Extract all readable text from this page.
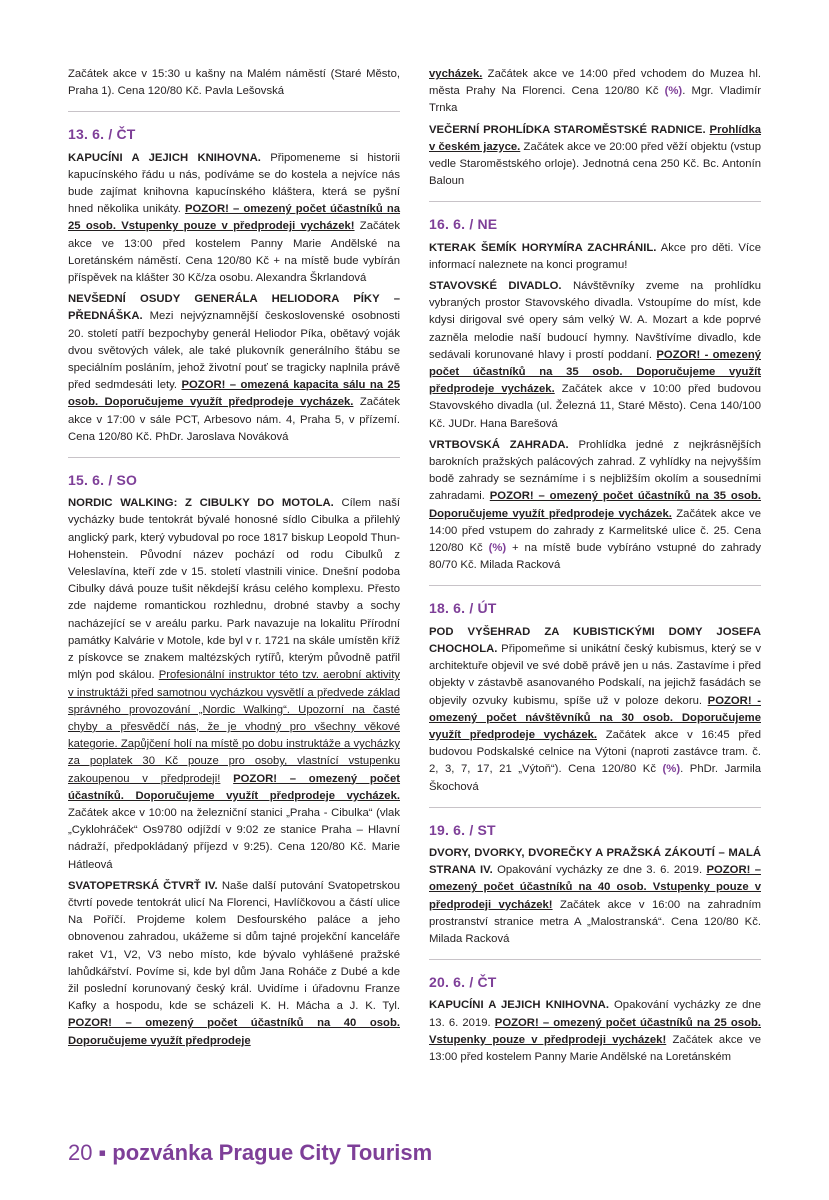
Začátek akce v 15:30 u kašny na Malém náměstí (Staré Město, Praha 1). Cena 120/80 Kč. Pavla Lešovská

13. 6. / ČT

KAPUCÍNI A JEJICH KNIHOVNA. Připomeneme si historii kapucínského řádu u nás, podíváme se do kostela a nejvíce nás bude zajímat knihovna kapucínského kláštera, která se pyšní hned několika unikáty. POZOR! – omezený počet účastníků na 25 osob. Vstupenky pouze v předprodeji vycházek! Začátek akce ve 13:00 před kostelem Panny Marie Andělské na Loretánském náměstí. Cena 120/80 Kč + na místě bude vybírán příspěvek na klášter 30 Kč/za osobu. Alexandra Škrlandová

NEVŠEDNÍ OSUDY GENERÁLA HELIODORA PÍKY – PŘEDNÁŠKA. Mezi nejvýznamnější československé osobnosti 20. století patří bezpochyby generál Heliodor Píka, obětavý voják dvou světových válek, ale také plukovník generálního štábu se speciálním posláním, jehož životní pouť se tragicky naplnila právě před sedmdesáti lety. POZOR! – omezená kapacita sálu na 25 osob. Doporučujeme využít předprodeje vycházek. Začátek akce v 17:00 v sále PCT, Arbesovo nám. 4, Praha 5, v přízemí. Cena 120/80 Kč. PhDr. Jaroslava Nováková

15. 6. / SO

NORDIC WALKING: Z CIBULKY DO MOTOLA. Cílem naší vycházky bude tentokrát bývalé honosné sídlo Cibulka a přilehlý anglický park, který vybudoval po roce 1817 biskup Leopold Thun-Hohenstein. Původní název pochází od rodu Cibulků z Veleslavína, kteří zde v 15. století vlastnili vinice. Dnešní podoba Cibulky dává pouze tušit někdejší krásu celého komplexu. Přesto zde najdeme romantickou rozhlednu, drobné stavby a sochy nacházející se v areálu parku. Park navazuje na lokalitu Přírodní památky Kalvárie v Motole, kde byl v r. 1721 na skále umístěn kříž z pískovce se znakem maltézských rytířů, kterým původně patřil mlýn pod skálou. Profesionální instruktor této tzv. aerobní aktivity v instruktáži před samotnou vycházkou vysvětlí a předvede základ správného provozování „Nordic Walking“. Upozorní na časté chyby a přesvědčí nás, že je vhodný pro všechny věkové kategorie. Zapůjčení holí na místě po dobu instruktáže a vycházky za poplatek 30 Kč pouze pro osoby, vlastnící vstupenku zakoupenou v předprodeji! POZOR! – omezený počet účastníků. Doporučujeme využít předprodeje vycházek. Začátek akce v 10:00 na železniční stanici „Praha - Cibulka“ (vlak „Cyklohráček“ Os9780 odjíždí v 9:02 ze stanice Praha – Hlavní nádraží, předpokládaný příjezd v 9:25). Cena 120/80 Kč. Marie Hátleová

SVATOPETRSKÁ ČTVRŤ IV. Naše další putování Svatopetrskou čtvrtí povede tentokrát ulicí Na Florenci, Havlíčkovou a částí ulice Na Poříčí. Projdeme kolem Desfourského paláce a jeho obnovenou zahradou, ukážeme si dům tajné projekční kanceláře raket V1, V2, V3 nebo místo, kde bývalo vyhlášené pražské lahůdkářství. Povíme si, kde byl dům Jana Roháče z Dubé a kde žil poslední korunovaný český král. Uvidíme i úřadovnu Franze Kafky a hospodu, kde se scházeli K. H. Mácha a J. K. Tyl. POZOR! – omezený počet účastníků na 40 osob. Doporučujeme využít předprodeje

vycházek. Začátek akce ve 14:00 před vchodem do Muzea hl. města Prahy Na Florenci. Cena 120/80 Kč (%). Mgr. Vladimír Trnka

VEČERNÍ PROHLÍDKA STAROMĚSTSKÉ RADNICE. Prohlídka v českém jazyce. Začátek akce ve 20:00 před věží objektu (vstup vedle Staroměstského orloje). Jednotná cena 250 Kč. Bc. Antonín Baloun

16. 6. / NE

KTERAK ŠEMÍK HORYMÍRA ZACHRÁNIL. Akce pro děti. Více informací naleznete na konci programu!

STAVOVSKÉ DIVADLO. Návštěvníky zveme na prohlídku vybraných prostor Stavovského divadla. Vstoupíme do míst, kde kdysi dirigoval své opery sám velký W. A. Mozart a kde poprvé zazněla melodie naší budoucí hymny. Navštívíme divadlo, kde sedávali korunované hlavy i prostí poddaní. POZOR! - omezený počet účastníků na 35 osob. Doporučujeme využít předprodeje vycházek. Začátek akce v 10:00 před budovou Stavovského divadla (ul. Železná 11, Staré Město). Cena 140/100 Kč. JUDr. Hana Barešová

VRTBOVSKÁ ZAHRADA. Prohlídka jedné z nejkrásnějších barokních pražských palácových zahrad. Z vyhlídky na nejvyšším bodě zahrady se seznámíme i s nejbližším okolím a sousedními zahradami. POZOR! – omezený počet účastníků na 35 osob. Doporučujeme využít předprodeje vycházek. Začátek akce ve 14:00 před vstupem do zahrady z Karmelitské ulice č. 25. Cena 120/80 Kč (%) + na místě bude vybíráno vstupné do zahrady 80/70 Kč. Milada Racková

18. 6. / ÚT

POD VYŠEHRAD ZA KUBISTICKÝMI DOMY JOSEFA CHOCHOLA. Připomeňme si unikátní český kubismus, který se v architektuře objevil ve své době právě jen u nás. Zastavíme i před objekty v zástavbě asanovaného Podskalí, na jejichž fasádách se objevily ozvuky kubismu, spíše už v poloze dekoru. POZOR! - omezený počet návštěvníků na 30 osob. Doporučujeme využít předprodeje vycházek. Začátek akce v 16:45 před budovou Podskalské celnice na Výtoni (naproti zastávce tram. č. 2, 3, 7, 17, 21 „Výtoň“). Cena 120/80 Kč (%). PhDr. Jarmila Škochová

19. 6. / ST

DVORY, DVORKY, DVOREČKY A PRAŽSKÁ ZÁKOUTÍ – MALÁ STRANA IV. Opakování vycházky ze dne 3. 6. 2019. POZOR! – omezený počet účastníků na 40 osob. Vstupenky pouze v předprodeji vycházek! Začátek akce v 16:00 na zahradním prostranství stranice metra A „Malostranská“. Cena 120/80 Kč. Milada Racková

20. 6. / ČT

KAPUCÍNI A JEJICH KNIHOVNA. Opakování vycházky ze dne 13. 6. 2019. POZOR! – omezený počet účastníků na 25 osob. Vstupenky pouze v předprodeji vycházek! Začátek akce ve 13:00 před kostelem Panny Marie Andělské na Loretánském

20 ▪ pozvánka Prague City Tourism
